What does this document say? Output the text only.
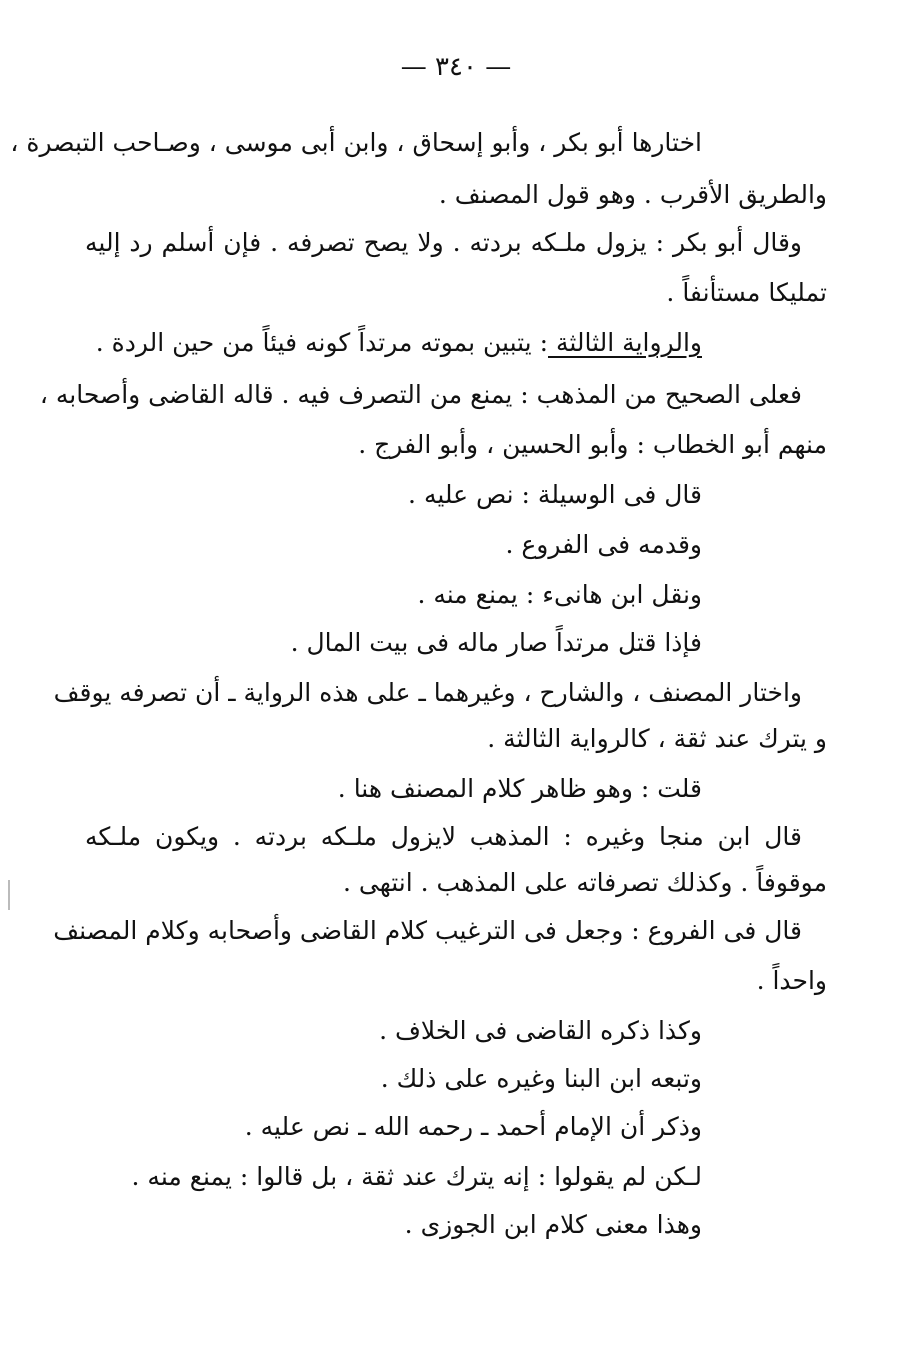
— ٣٤٠ —
اختارها أبو بكر ، وأبو إسحاق ، وابن أبى موسى ، وصـاحب التبصرة ،
والطريق الأقرب . وهو قول المصنف .
وقال أبو بكر : يزول ملـكه بردته . ولا يصح تصرفه . فإن أسلم رد إليه
تمليكا مستأنفاً .
والرواية الثالثة : يتبين بموته مرتداً كونه فيئاً من حين الردة .
فعلى الصحيح من المذهب : يمنع من التصرف فيه . قاله القاضى وأصحابه ،
منهم أبو الخطاب : وأبو الحسين ، وأبو الفرج .
قال فى الوسيلة : نص عليه .
وقدمه فى الفروع .
ونقل ابن هانىء : يمنع منه .
فإذا قتل مرتداً صار ماله فى بيت المال .
واختار المصنف ، والشارح ، وغيرهما ـ على هذه الرواية ـ أن تصرفه يوقف
و يترك عند ثقة ، كالرواية الثالثة .
قلت : وهو ظاهر كلام المصنف هنا .
قال ابن منجا وغيره : المذهب لايزول ملـكه بردته . ويكون ملـكه
موقوفاً . وكذلك تصرفاته على المذهب . انتهى .
قال فى الفروع : وجعل فى الترغيب كلام القاضى وأصحابه وكلام المصنف
واحداً .
وكذا ذكره القاضى فى الخلاف .
وتبعه ابن البنا وغيره على ذلك .
وذكر أن الإمام أحمد ـ رحمه الله ـ نص عليه .
لـكن لم يقولوا : إنه يترك عند ثقة ، بل قالوا : يمنع منه .
وهذا معنى كلام ابن الجوزى .
